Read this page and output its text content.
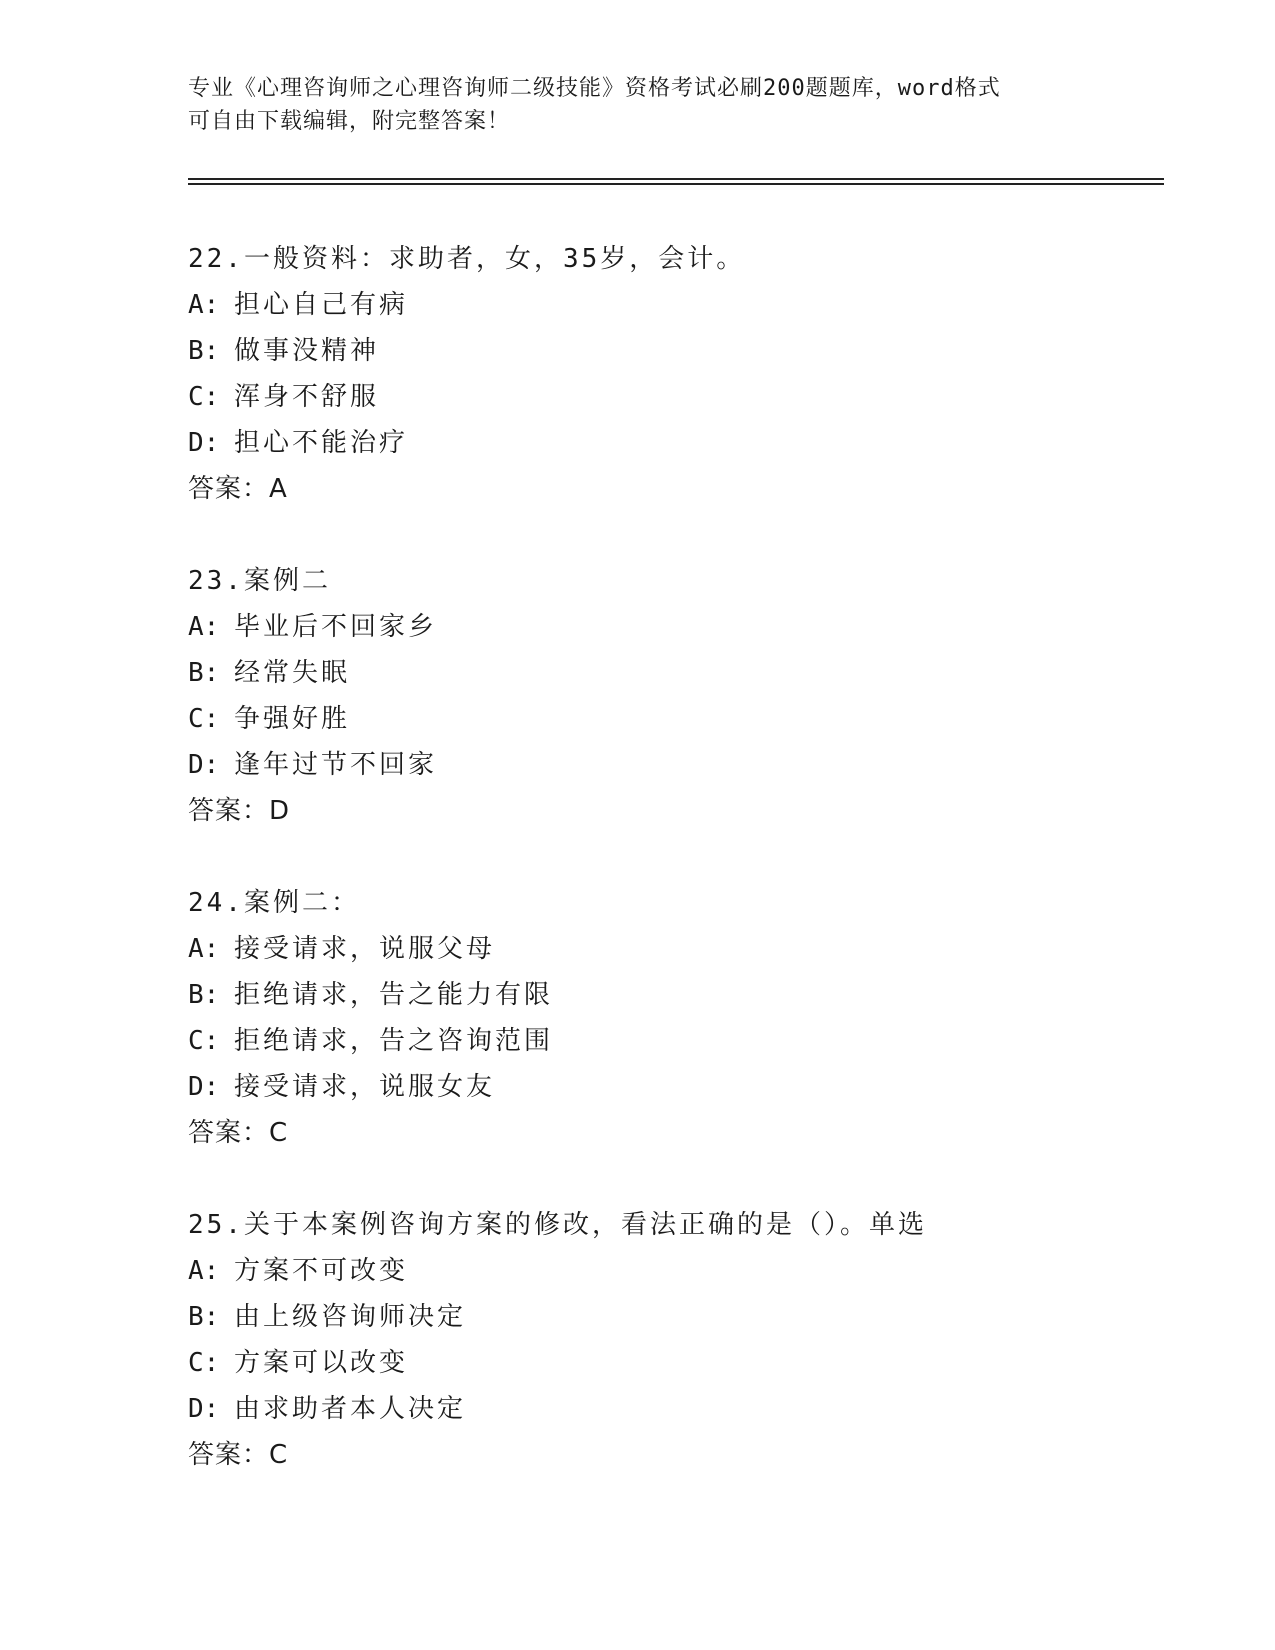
专业《心理咨询师之心理咨询师二级技能》资格考试必刷200题题库，word格式
可自由下载编辑，附完整答案！
22.一般资料：求助者，女，35岁，会计。
A: 担心自己有病
B: 做事没精神
C: 浑身不舒服
D: 担心不能治疗
答案：A
23.案例二
A: 毕业后不回家乡
B: 经常失眠
C: 争强好胜
D: 逢年过节不回家
答案：D
24.案例二：
A: 接受请求，说服父母
B: 拒绝请求，告之能力有限
C: 拒绝请求，告之咨询范围
D: 接受请求，说服女友
答案：C
25.关于本案例咨询方案的修改，看法正确的是（）。单选
A: 方案不可改变
B: 由上级咨询师决定
C: 方案可以改变
D: 由求助者本人决定
答案：C
